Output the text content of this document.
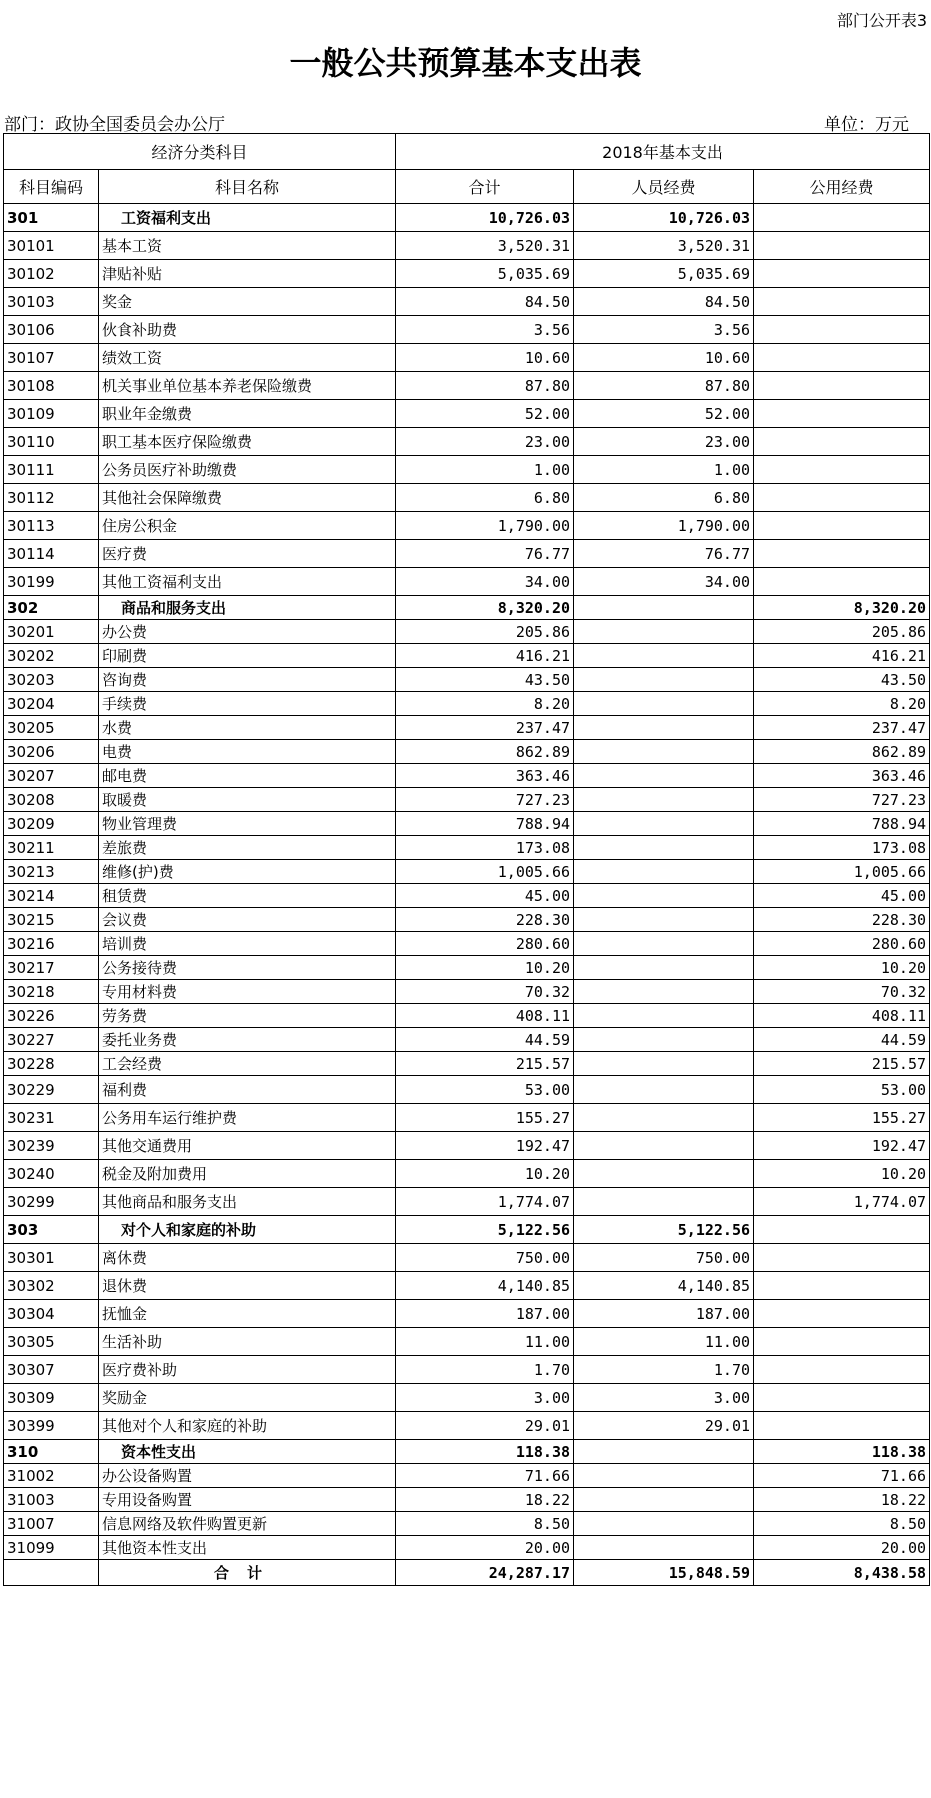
部门公开表3
一般公共预算基本支出表
部门：政协全国委员会办公厅	单位：万元
经济分类科目		2018年基本支出		
科目编码	科目名称	合计	人员经费	公用经费
301	工资福利支出	10,726.03	10,726.03	
30101	基本工资	3,520.31	3,520.31	
30102	津贴补贴	5,035.69	5,035.69	
30103	奖金	84.50	84.50	
30106	伙食补助费	3.56	3.56	
30107	绩效工资	10.60	10.60	
30108	机关事业单位基本养老保险缴费	87.80	87.80	
30109	职业年金缴费	52.00	52.00	
30110	职工基本医疗保险缴费	23.00	23.00	
30111	公务员医疗补助缴费	1.00	1.00	
30112	其他社会保障缴费	6.80	6.80	
30113	住房公积金	1,790.00	1,790.00	
30114	医疗费	76.77	76.77	
30199	其他工资福利支出	34.00	34.00	
302	商品和服务支出	8,320.20		8,320.20
30201	办公费	205.86		205.86
30202	印刷费	416.21		416.21
30203	咨询费	43.50		43.50
30204	手续费	8.20		8.20
30205	水费	237.47		237.47
30206	电费	862.89		862.89
30207	邮电费	363.46		363.46
30208	取暖费	727.23		727.23
30209	物业管理费	788.94		788.94
30211	差旅费	173.08		173.08
30213	维修(护)费	1,005.66		1,005.66
30214	租赁费	45.00		45.00
30215	会议费	228.30		228.30
30216	培训费	280.60		280.60
30217	公务接待费	10.20		10.20
30218	专用材料费	70.32		70.32
30226	劳务费	408.11		408.11
30227	委托业务费	44.59		44.59
30228	工会经费	215.57		215.57
30229	福利费	53.00		53.00
30231	公务用车运行维护费	155.27		155.27
30239	其他交通费用	192.47		192.47
30240	税金及附加费用	10.20		10.20
30299	其他商品和服务支出	1,774.07		1,774.07
303	对个人和家庭的补助	5,122.56	5,122.56	
30301	离休费	750.00	750.00	
30302	退休费	4,140.85	4,140.85	
30304	抚恤金	187.00	187.00	
30305	生活补助	11.00	11.00	
30307	医疗费补助	1.70	1.70	
30309	奖励金	3.00	3.00	
30399	其他对个人和家庭的补助	29.01	29.01	
310	资本性支出	118.38		118.38
31002	办公设备购置	71.66		71.66
31003	专用设备购置	18.22		18.22
31007	信息网络及软件购置更新	8.50		8.50
31099	其他资本性支出	20.00		20.00
	合计	24,287.17	15,848.59	8,438.58
